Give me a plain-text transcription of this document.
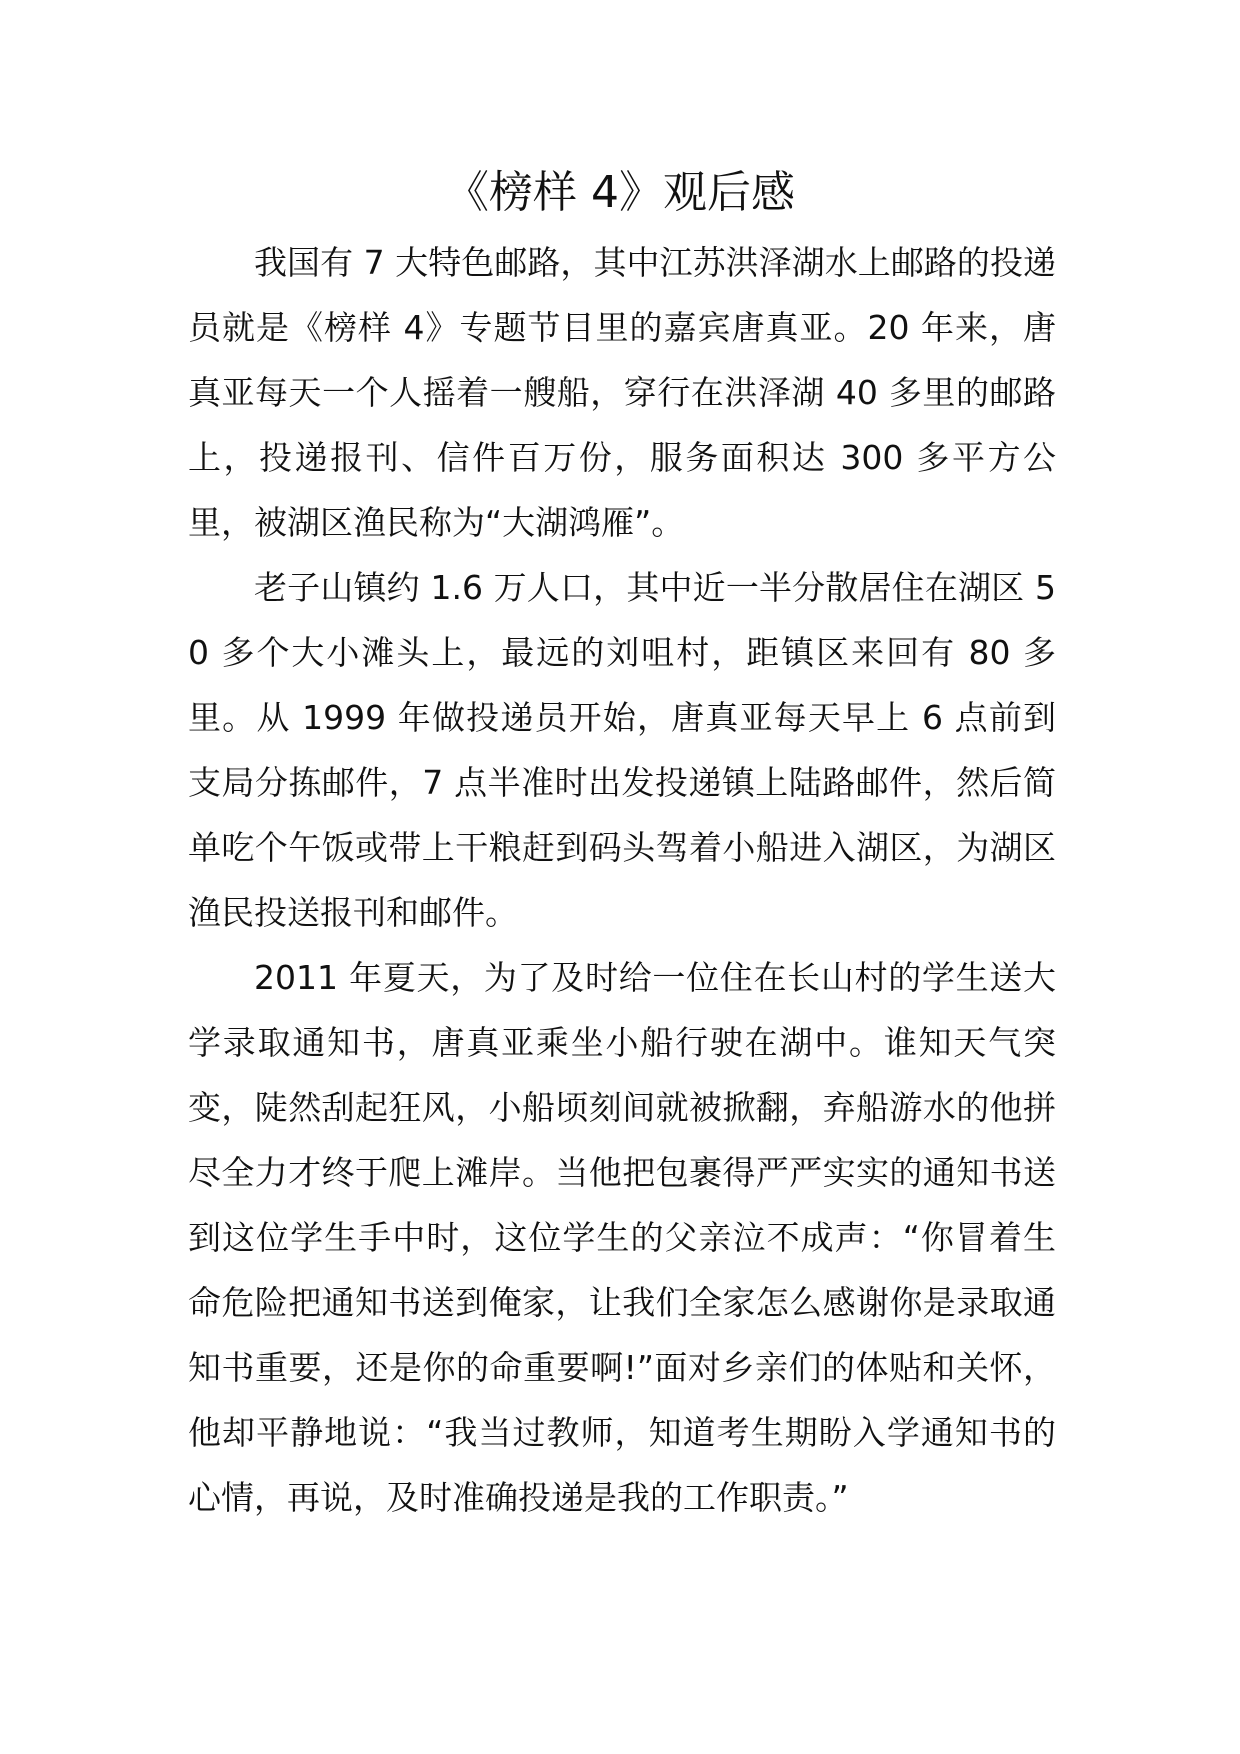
《榜样 4》观后感

我国有 7 大特色邮路，其中江苏洪泽湖水上邮路的投递员就是《榜样 4》专题节目里的嘉宾唐真亚。20 年来，唐真亚每天一个人摇着一艘船，穿行在洪泽湖 40 多里的邮路上，投递报刊、信件百万份，服务面积达 300 多平方公里，被湖区渔民称为“大湖鸿雁”。

老子山镇约 1.6 万人口，其中近一半分散居住在湖区 50 多个大小滩头上，最远的刘咀村，距镇区来回有 80 多里。从 1999 年做投递员开始，唐真亚每天早上 6 点前到支局分拣邮件，7 点半准时出发投递镇上陆路邮件，然后简单吃个午饭或带上干粮赶到码头驾着小船进入湖区，为湖区渔民投送报刊和邮件。

2011 年夏天，为了及时给一位住在长山村的学生送大学录取通知书，唐真亚乘坐小船行驶在湖中。谁知天气突变，陡然刮起狂风，小船顷刻间就被掀翻，弃船游水的他拼尽全力才终于爬上滩岸。当他把包裹得严严实实的通知书送到这位学生手中时，这位学生的父亲泣不成声：“你冒着生命危险把通知书送到俺家，让我们全家怎么感谢你是录取通知书重要，还是你的命重要啊!”面对乡亲们的体贴和关怀，他却平静地说：“我当过教师，知道考生期盼入学通知书的心情，再说，及时准确投递是我的工作职责。”
